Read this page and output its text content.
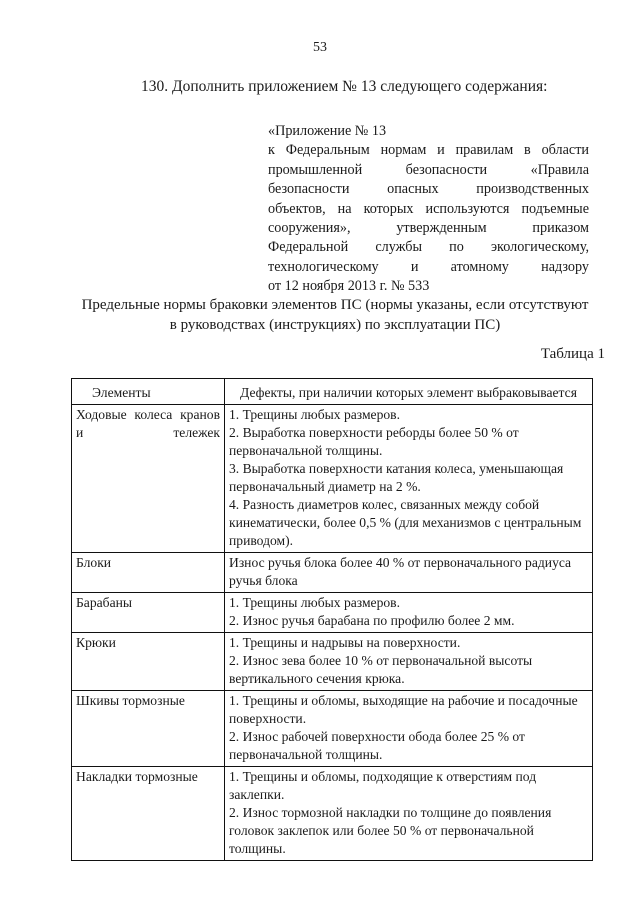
53
130. Дополнить приложением № 13 следующего содержания:
«Приложение № 13
к Федеральным нормам и правилам в области
промышленной безопасности «Правила
безопасности опасных производственных
объектов, на которых используются подъемные
сооружения», утвержденным приказом
Федеральной службы по экологическому,
технологическому и атомному надзору
от 12 ноября 2013 г. № 533
Предельные нормы браковки элементов ПС (нормы указаны, если отсутствуют
в руководствах (инструкциях) по эксплуатации ПС)
Таблица 1
Элементы	Дефекты, при наличии которых элемент выбраковывается
Ходовые колеса кранов и тележек	1. Трещины любых размеров.
2. Выработка поверхности реборды более 50 % от первоначальной толщины.
3. Выработка поверхности катания колеса, уменьшающая первоначальный диаметр на 2 %.
4. Разность диаметров колес, связанных между собой кинематически, более 0,5 % (для механизмов с центральным приводом).

Блоки	Износ ручья блока более 40 % от первоначального радиуса ручья блока

Барабаны	1. Трещины любых размеров.
2. Износ ручья барабана по профилю более 2 мм.

Крюки	1. Трещины и надрывы на поверхности.
2. Износ зева более 10 % от первоначальной высоты вертикального сечения крюка.

Шкивы тормозные	1. Трещины и обломы, выходящие на рабочие и посадочные поверхности.
2. Износ рабочей поверхности обода более 25 % от первоначальной толщины.

Накладки тормозные	1. Трещины и обломы, подходящие к отверстиям под заклепки.
2. Износ тормозной накладки по толщине до появления головок заклепок или более 50 % от первоначальной толщины.
